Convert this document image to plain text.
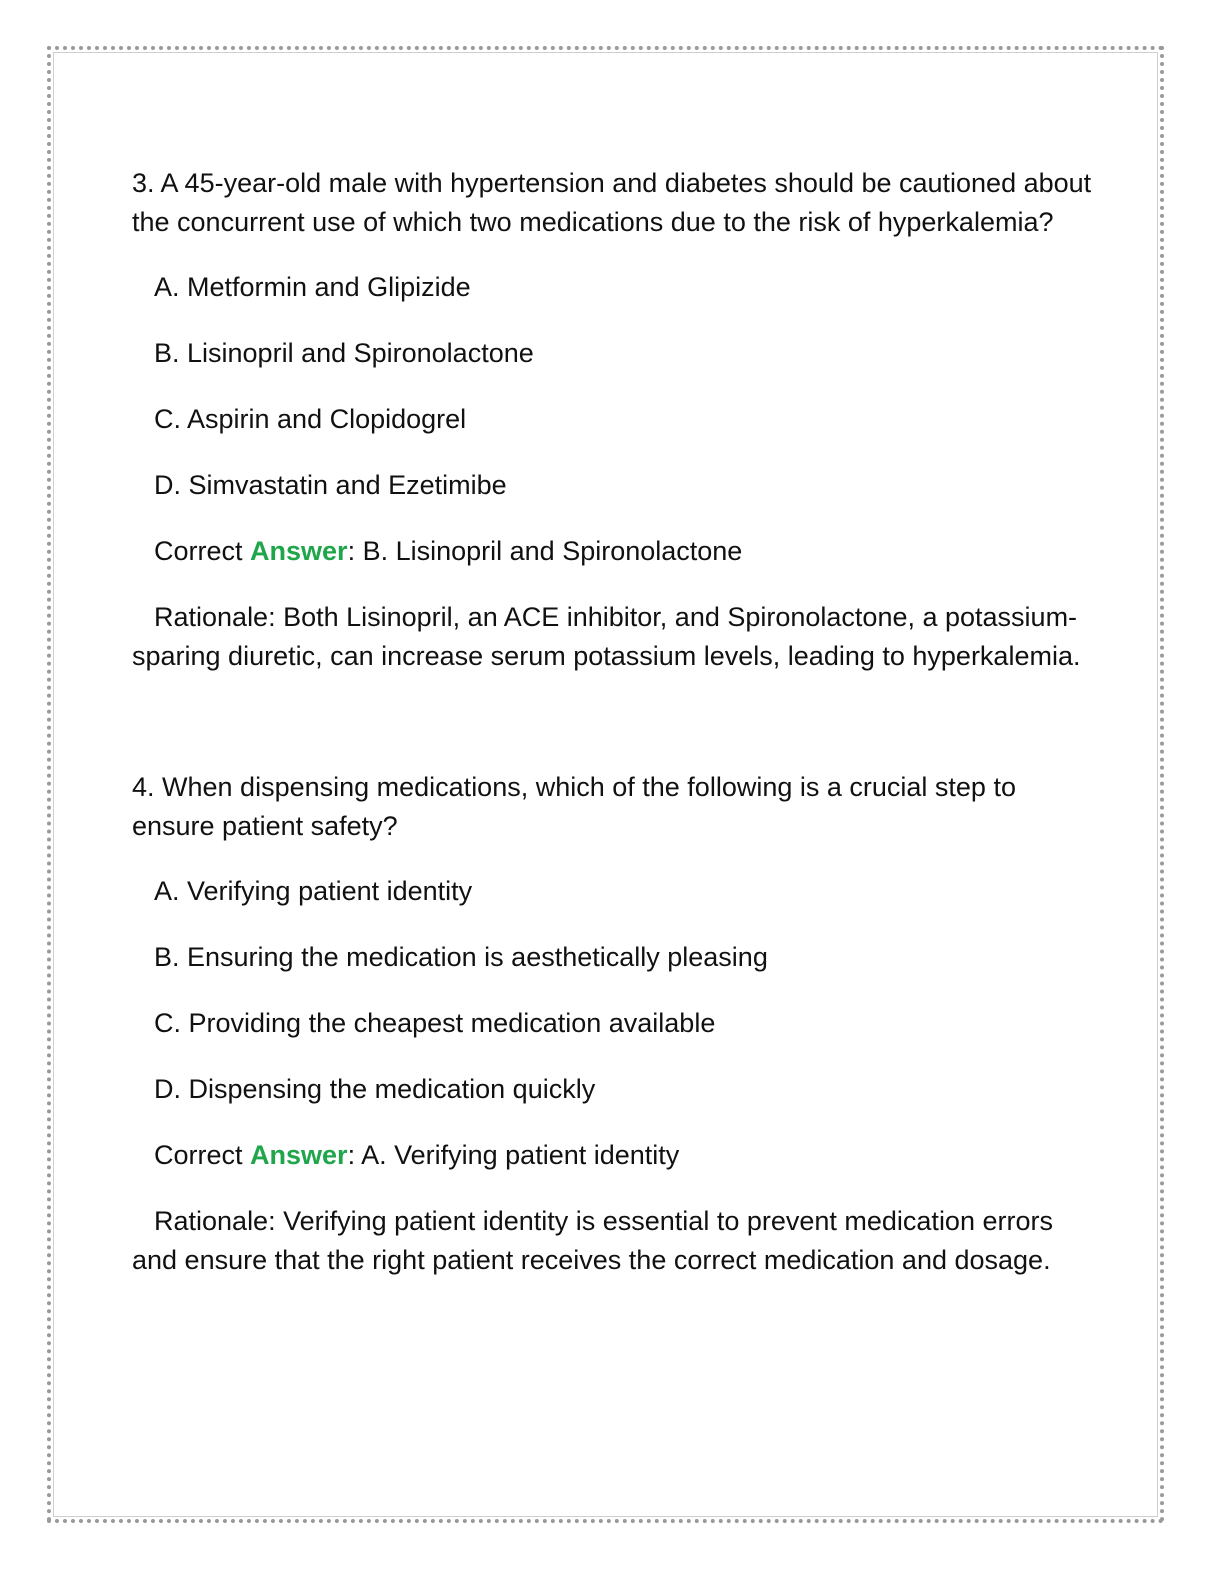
3. A 45-year-old male with hypertension and diabetes should be cautioned about the concurrent use of which two medications due to the risk of hyperkalemia?

A. Metformin and Glipizide

B. Lisinopril and Spironolactone

C. Aspirin and Clopidogrel

D. Simvastatin and Ezetimibe

Correct Answer: B. Lisinopril and Spironolactone

Rationale: Both Lisinopril, an ACE inhibitor, and Spironolactone, a potassium-sparing diuretic, can increase serum potassium levels, leading to hyperkalemia.

4. When dispensing medications, which of the following is a crucial step to ensure patient safety?

A. Verifying patient identity

B. Ensuring the medication is aesthetically pleasing

C. Providing the cheapest medication available

D. Dispensing the medication quickly

Correct Answer: A. Verifying patient identity

Rationale: Verifying patient identity is essential to prevent medication errors and ensure that the right patient receives the correct medication and dosage.
